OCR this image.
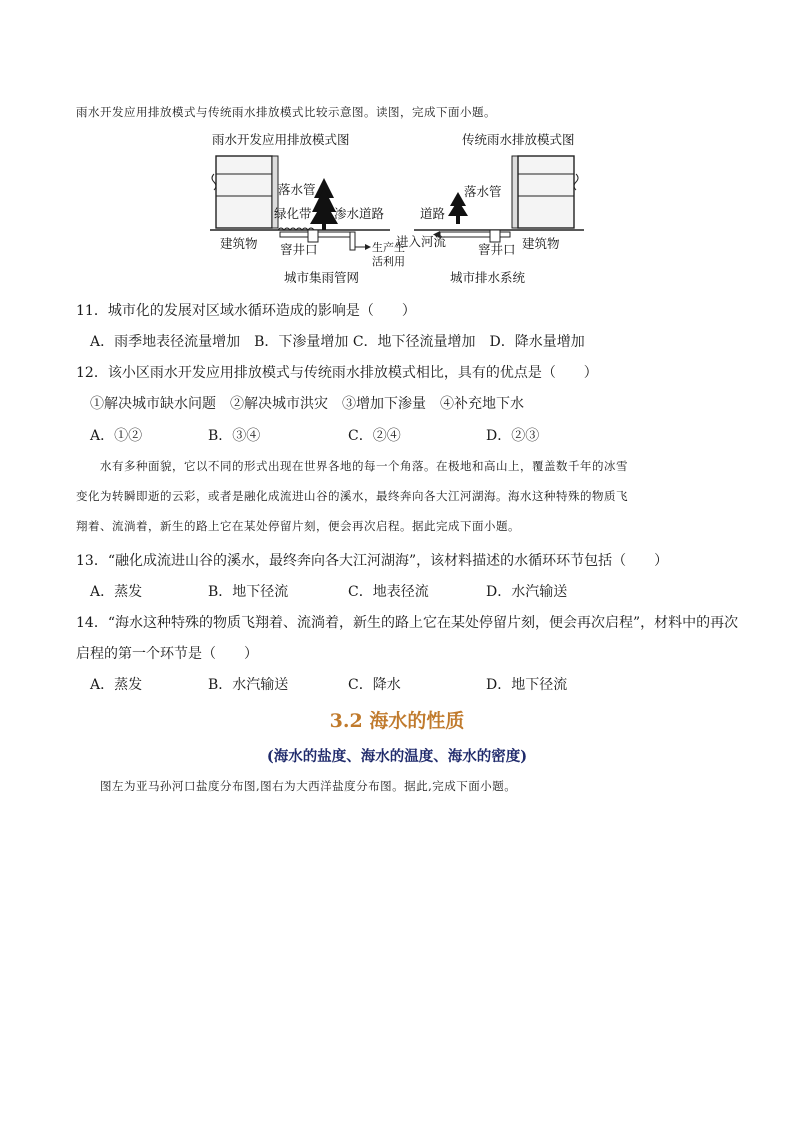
雨水开发应用排放模式与传统雨水排放模式比较示意图。读图，完成下面小题。
雨水开发应用排放模式图	传统雨水排放模式图
落水管
绿化带 渗水道路
建筑物 窨井口	生产生
活利用
城市集雨管网
落水管
道路
进入河流
窨井口 建筑物
城市排水系统
11．城市化的发展对区域水循环造成的影响是（　　）
A．雨季地表径流量增加　B．下渗量增加 C．地下径流量增加　D．降水量增加
12．该小区雨水开发应用排放模式与传统雨水排放模式相比，具有的优点是（　　）
①解决城市缺水问题　②解决城市洪灾　③增加下渗量　④补充地下水
A．①②	B．③④	C．②④	D．②③
水有多种面貌，它以不同的形式出现在世界各地的每一个角落。在极地和高山上，覆盖数千年的冰雪
变化为转瞬即逝的云彩，或者是融化成流进山谷的溪水，最终奔向各大江河湖海。海水这种特殊的物质飞
翔着、流淌着，新生的路上它在某处停留片刻，便会再次启程。据此完成下面小题。
13．“融化成流进山谷的溪水，最终奔向各大江河湖海”，该材料描述的水循环环节包括（　　）
A．蒸发	B．地下径流	C．地表径流	D．水汽输送
14．“海水这种特殊的物质飞翔着、流淌着，新生的路上它在某处停留片刻，便会再次启程”，材料中的再次
启程的第一个环节是（　　）
A．蒸发	B．水汽输送	C．降水	D．地下径流
3.2 海水的性质
(海水的盐度、海水的温度、海水的密度)
图左为亚马孙河口盐度分布图,图右为大西洋盐度分布图。据此,完成下面小题。
